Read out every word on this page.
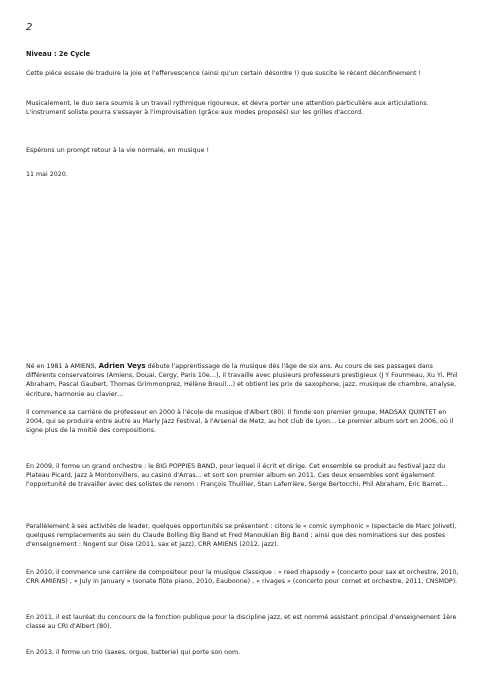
2
Niveau : 2e Cycle

Cette pièce essaie de traduire la joie et l'effervescence (ainsi qu'un certain désordre !) que suscite le récent déconfinement !

Musicalement, le duo sera soumis à un travail rythmique rigoureux, et devra porter une attention particulière aux articulations. L'instrument soliste pourra s'essayer à l'improvisation (grâce aux modes proposés) sur les grilles d'accord.

Espérons un prompt retour à la vie normale, en musique !

11 mai 2020.

Né en 1981 à AMIENS, Adrien Veys débute l'apprentissage de la musique dès l'âge de six ans. Au cours de ses passages dans différents conservatoires (Amiens, Douai, Cergy, Paris 10e…), il travaille avec plusieurs professeurs prestigieux (J Y Fourmeau, Xu Yi, Phil Abraham, Pascal Gaubert, Thomas Grimmonprez, Hélène Breuil…) et obtient les prix de saxophone, jazz, musique de chambre, analyse, écriture, harmonie au clavier…

Il commence sa carrière de professeur en 2000 à l'école de musique d'Albert (80). Il fonde son premier groupe, MADSAX QUINTET en 2004, qui se produira entre autre au Marly Jazz Festival, à l'Arsenal de Metz, au hot club de Lyon… Le premier album sort en 2006, où il signe plus de la moitié des compositions.

En 2009, il forme un grand orchestre : le BIG POPPIES BAND, pour lequel il écrit et dirige. Cet ensemble se produit au festival Jazz du Plateau Picard, Jazz à Montonvillers, au casino d'Arras… et sort son premier album en 2011. Ces deux ensembles sont également l'opportunité de travailler avec des solistes de renom : François Thuillier, Stan Laferrière, Serge Bertocchi, Phil Abraham, Eric Barret…

Parallèlement à ses activités de leader, quelques opportunités se présentent : citons le « comic symphonic » (spectacle de Marc Jolivet), quelques remplacements au sein du Claude Bolling Big Band et Fred Manoukian Big Band ; ainsi que des nominations sur des postes d'enseignement : Nogent sur Oise (2011, sax et jazz), CRR AMIENS (2012, jazz).

En 2010, il commence une carrière de compositeur pour la musique classique : « reed rhapsody » (concerto pour sax et orchestre, 2010, CRR AMIENS) , « July in January » (sonate flûte piano, 2010, Eaubonne) , « rivages » (concerto pour cornet et orchestre, 2011, CNSMDP).

En 2011, il est lauréat du concours de la fonction publique pour la discipline jazz, et est nommé assistant principal d'enseignement 1ère classe au CRI d'Albert (80).

En 2013, il forme un trio (saxes, orgue, batterie) qui porte son nom.
